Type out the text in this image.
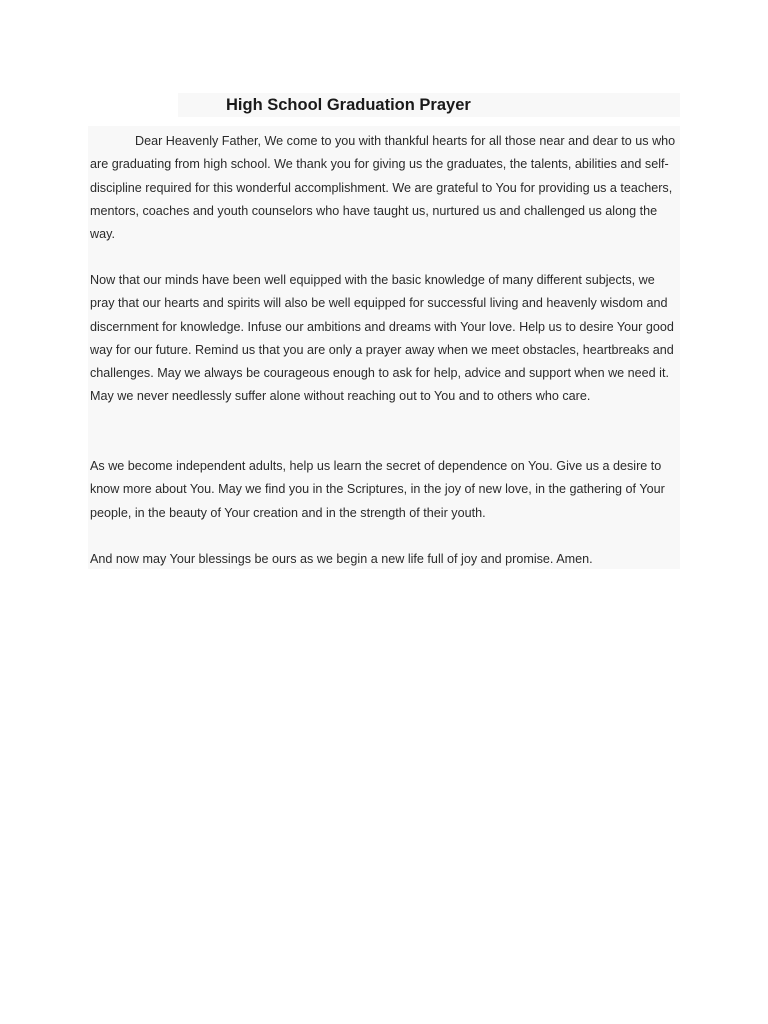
High School Graduation Prayer

Dear Heavenly Father, We come to you with thankful hearts for all those near and dear to us who are graduating from high school. We thank you for giving us the graduates, the talents, abilities and self-discipline required for this wonderful accomplishment. We are grateful to You for providing us a teachers, mentors, coaches and youth counselors who have taught us, nurtured us and challenged us along the way.

Now that our minds have been well equipped with the basic knowledge of many different subjects, we pray that our hearts and spirits will also be well equipped for successful living and heavenly wisdom and discernment for knowledge. Infuse our ambitions and dreams with Your love. Help us to desire Your good way for our future. Remind us that you are only a prayer away when we meet obstacles, heartbreaks and challenges. May we always be courageous enough to ask for help, advice and support when we need it. May we never needlessly suffer alone without reaching out to You and to others who care.

As we become independent adults, help us learn the secret of dependence on You. Give us a desire to know more about You. May we find you in the Scriptures, in the joy of new love, in the gathering of Your people, in the beauty of Your creation and in the strength of their youth.

And now may Your blessings be ours as we begin a new life full of joy and promise. Amen.
